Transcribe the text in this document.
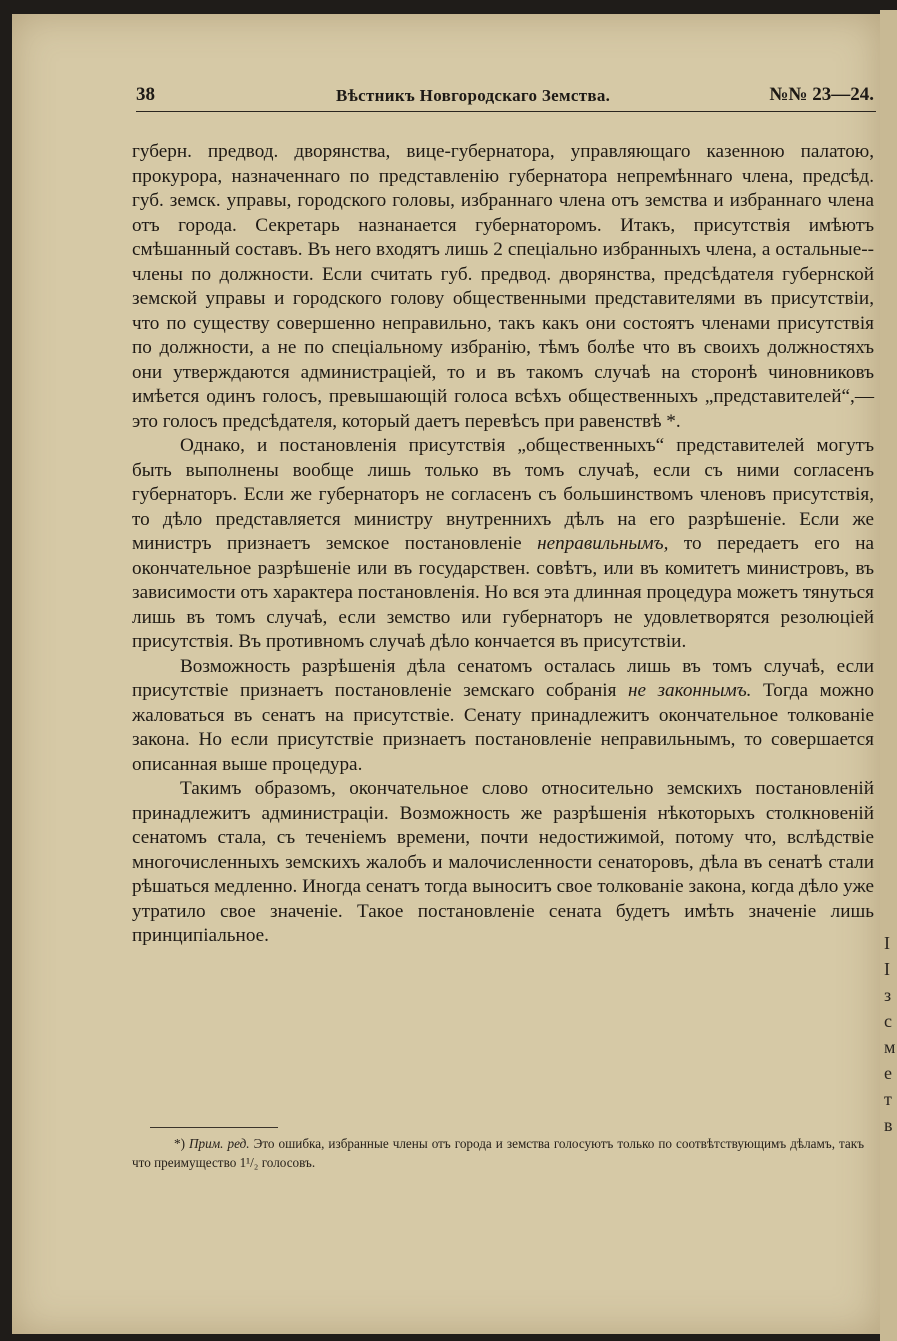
I
I
з
с
м
е
т
в
38	Вѣстникъ Новгородскаго Земства.	№№ 23—24.

губерн. предвод. дворянства, вице-губернатора, управляющаго казенною палатою, прокурора, назначеннаго по представленію губернатора непремѣннаго члена, предсѣд. губ. земск. управы, городского головы, избраннаго члена отъ земства и избраннаго члена отъ города. Секретарь назнанается губернаторомъ. Итакъ, присутствія имѣютъ смѣшанный составъ. Въ него входятъ лишь 2 спеціально избранныхъ члена, а остальные--члены по должности. Если считать губ. предвод. дворянства, предсѣдателя губернской земской управы и городского голову общественными представителями въ присутствіи, что по существу совершенно неправильно, такъ какъ они состоятъ членами присутствія по должности, а не по спеціальному избранію, тѣмъ болѣе что въ своихъ должностяхъ они утверждаются администраціей, то и въ такомъ случаѣ на сторонѣ чиновниковъ имѣется одинъ голосъ, превышающій голоса всѣхъ общественныхъ „представителей“,—это голосъ предсѣдателя, который даетъ перевѣсъ при равенствѣ *.

Однако, и постановленія присутствія „общественныхъ“ представителей могутъ быть выполнены вообще лишь только въ томъ случаѣ, если съ ними согласенъ губернаторъ. Если же губернаторъ не согласенъ съ большинствомъ членовъ присутствія, то дѣло представляется министру внутреннихъ дѣлъ на его разрѣшеніе. Если же министръ признаетъ земское постановленіе неправильнымъ, то передаетъ его на окончательное разрѣшеніе или въ государствен. совѣтъ, или въ комитетъ министровъ, въ зависимости отъ характера постановленія. Но вся эта длинная процедура можетъ тянуться лишь въ томъ случаѣ, если земство или губернаторъ не удовлетворятся резолюціей присутствія. Въ противномъ случаѣ дѣло кончается въ присутствіи.

Возможность разрѣшенія дѣла сенатомъ осталась лишь въ томъ случаѣ, если присутствіе признаетъ постановленіе земскаго собранія не законнымъ. Тогда можно жаловаться въ сенатъ на присутствіе. Сенату принадлежитъ окончательное толкованіе закона. Но если присутствіе признаетъ постановленіе неправильнымъ, то совершается описанная выше процедура.

Такимъ образомъ, окончательное слово относительно земскихъ постановленій принадлежитъ администраціи. Возможность же разрѣшенія нѣкоторыхъ столкновеній сенатомъ стала, съ теченіемъ времени, почти недостижимой, потому что, вслѣдствіе многочисленныхъ земскихъ жалобъ и малочисленности сенаторовъ, дѣла въ сенатѣ стали рѣшаться медленно. Иногда сенатъ тогда выноситъ свое толкованіе закона, когда дѣло уже утратило свое значеніе. Такое постановленіе сената будетъ имѣть значеніе лишь принципіальное.

*) Прим. ред. Это ошибка, избранные члены отъ города и земства голосуютъ только по соотвѣтствующимъ дѣламъ, такъ что преимущество 1¹/₂ голосовъ.
